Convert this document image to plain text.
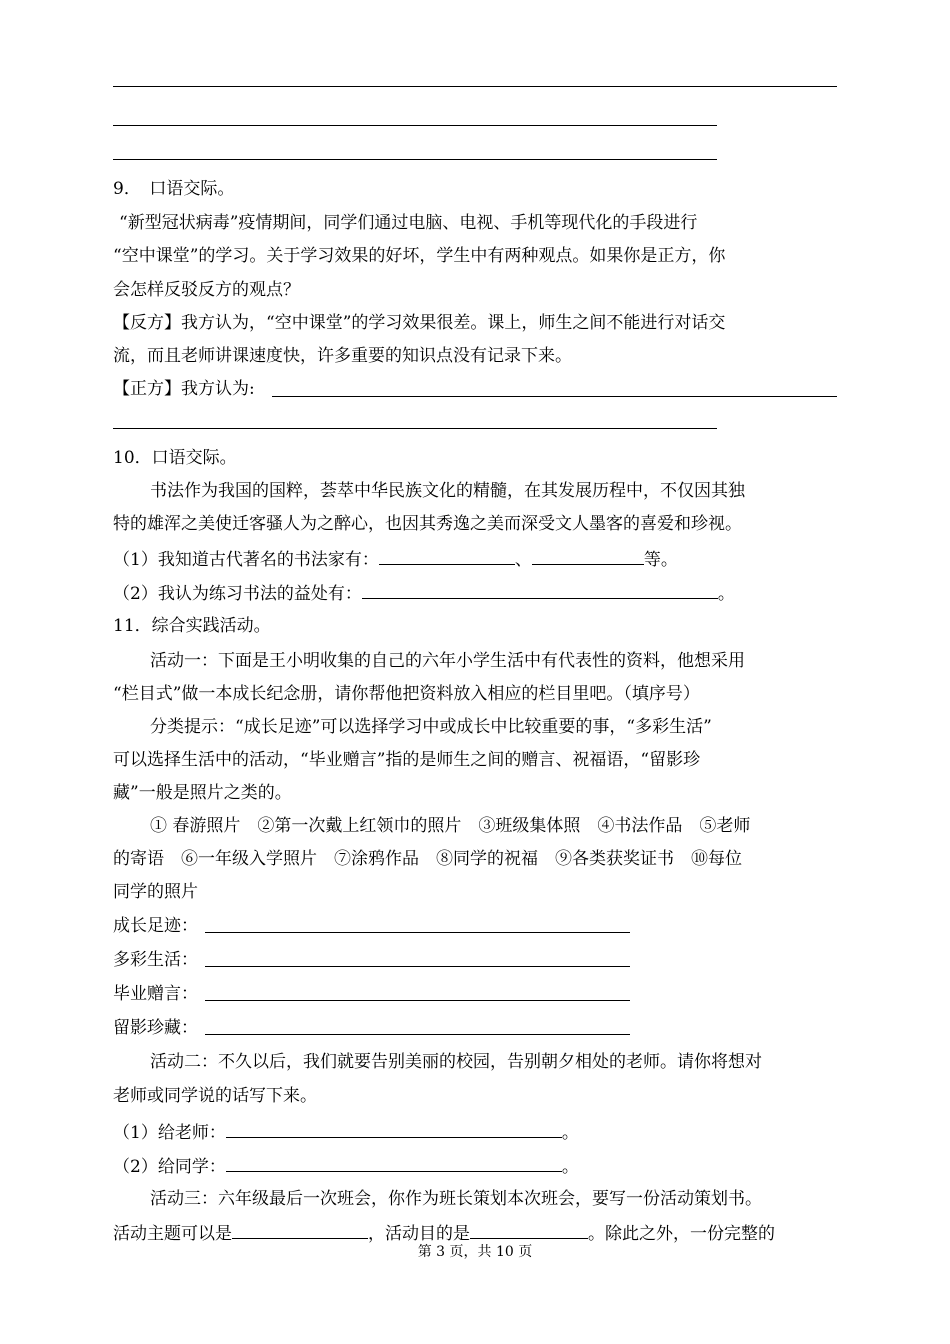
9．　口语交际。
“新型冠状病毒”疫情期间，同学们通过电脑、电视、手机等现代化的手段进行
“空中课堂”的学习。关于学习效果的好坏，学生中有两种观点。如果你是正方，你
会怎样反驳反方的观点？
【反方】我方认为，“空中课堂”的学习效果很差。课上，师生之间不能进行对话交
流，而且老师讲课速度快，许多重要的知识点没有记录下来。
【正方】我方认为:
10．口语交际。
书法作为我国的国粹，荟萃中华民族文化的精髓，在其发展历程中，不仅因其独
特的雄浑之美使迁客骚人为之醉心，也因其秀逸之美而深受文人墨客的喜爱和珍视。
（1）我知道古代著名的书法家有：	、	等。
（2）我认为练习书法的益处有：	。
11．综合实践活动。
活动一：下面是王小明收集的自己的六年小学生活中有代表性的资料，他想采用
“栏目式”做一本成长纪念册，请你帮他把资料放入相应的栏目里吧。（填序号）
分类提示：“成长足迹”可以选择学习中或成长中比较重要的事，“多彩生活”
可以选择生活中的活动，“毕业赠言”指的是师生之间的赠言、祝福语，“留影珍
藏”一般是照片之类的。
① 春游照片　②第一次戴上红领巾的照片　③班级集体照　④书法作品　⑤老师
的寄语　⑥一年级入学照片　⑦涂鸦作品　⑧同学的祝福　⑨各类获奖证书　⑩每位
同学的照片
成长足迹：
多彩生活：
毕业赠言：
留影珍藏：
活动二：不久以后，我们就要告别美丽的校园，告别朝夕相处的老师。请你将想对
老师或同学说的话写下来。
（1）给老师：	。
（2）给同学：	。
活动三：六年级最后一次班会，你作为班长策划本次班会，要写一份活动策划书。
活动主题可以是	，活动目的是	。除此之外，一份完整的
第 3 页，共 10 页
